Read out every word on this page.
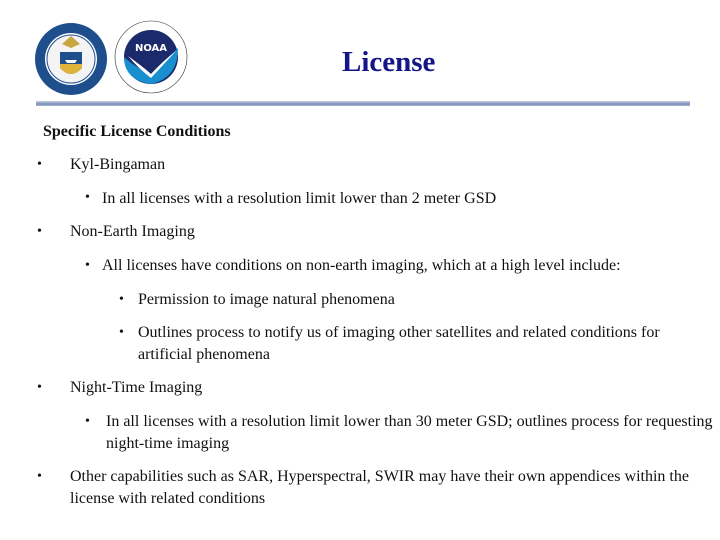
NOAA	License
Specific License Conditions
• Kyl-Bingaman
• In all licenses with a resolution limit lower than 2 meter GSD
• Non-Earth Imaging
• All licenses have conditions on non-earth imaging, which at a high level include:
• Permission to image natural phenomena
• Outlines process to notify us of imaging other satellites and related conditions for artificial phenomena
• Night-Time Imaging
• In all licenses with a resolution limit lower than 30 meter GSD; outlines process for requesting night-time imaging
• Other capabilities such as SAR, Hyperspectral, SWIR may have their own appendices within the license with related conditions
